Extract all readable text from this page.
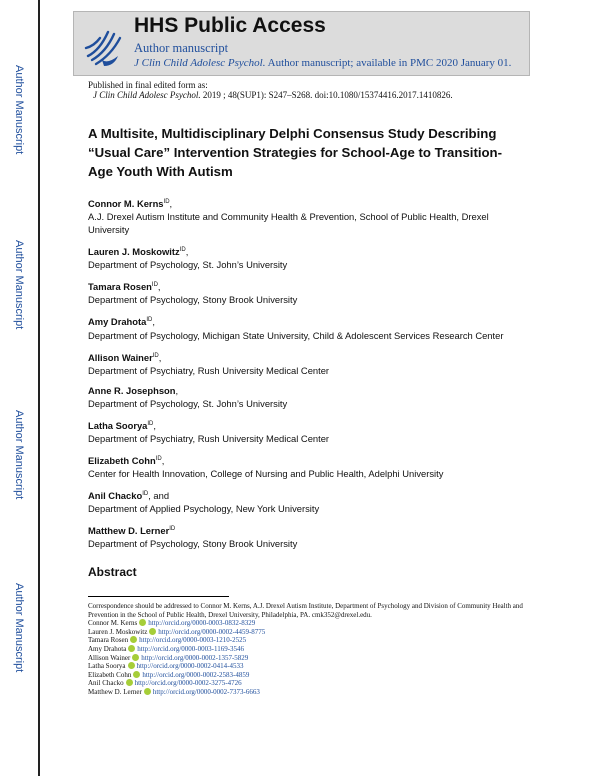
Author Manuscript
Author Manuscript
Author Manuscript
Author Manuscript
HHS Public Access
Author manuscript
J Clin Child Adolesc Psychol. Author manuscript; available in PMC 2020 January 01.
Published in final edited form as:
J Clin Child Adolesc Psychol. 2019 ; 48(SUP1): S247–S268. doi:10.1080/15374416.2017.1410826.
A Multisite, Multidisciplinary Delphi Consensus Study Describing “Usual Care” Intervention Strategies for School-Age to Transition-Age Youth With Autism
Connor M. Kerns$^{ID}$,
A.J. Drexel Autism Institute and Community Health & Prevention, School of Public Health, Drexel University
Lauren J. Moskowitz$^{ID}$,
Department of Psychology, St. John’s University
Tamara Rosen$^{ID}$,
Department of Psychology, Stony Brook University
Amy Drahota$^{ID}$,
Department of Psychology, Michigan State University, Child & Adolescent Services Research Center
Allison Wainer$^{ID}$,
Department of Psychiatry, Rush University Medical Center
Anne R. Josephson,
Department of Psychology, St. John’s University
Latha Soorya$^{ID}$,
Department of Psychiatry, Rush University Medical Center
Elizabeth Cohn$^{ID}$,
Center for Health Innovation, College of Nursing and Public Health, Adelphi University
Anil Chacko$^{ID}$, and
Department of Applied Psychology, New York University
Matthew D. Lerner$^{ID}$
Department of Psychology, Stony Brook University
Abstract
Correspondence should be addressed to Connor M. Kerns, A.J. Drexel Autism Institute, Department of Psychology and Division of Community Health and Prevention in the School of Public Health, Drexel University, Philadelphia, PA. cmk352@drexel.edu.
Connor M. Kerns http://orcid.org/0000-0003-0832-8329
Lauren J. Moskowitz http://orcid.org/0000-0002-4459-8775
Tamara Rosen http://orcid.org/0000-0003-1210-2525
Amy Drahota http://orcid.org/0000-0003-1169-3546
Allison Wainer http://orcid.org/0000-0002-1357-5829
Latha Soorya http://orcid.org/0000-0002-0414-4533
Elizabeth Cohn http://orcid.org/0000-0002-2583-4859
Anil Chacko http://orcid.org/0000-0002-3275-4726
Matthew D. Lerner http://orcid.org/0000-0002-7373-6663
